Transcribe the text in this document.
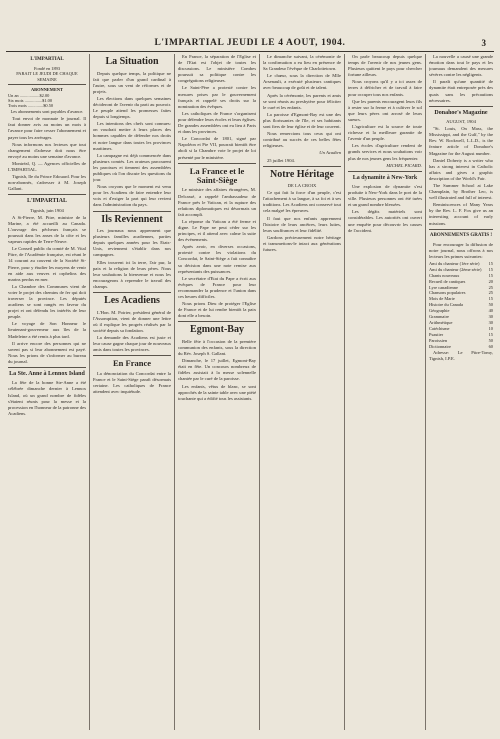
L'IMPARTIAL JEUDI LE 4 AOUT, 1904.	3
L'IMPARTIAL
Fondé en 1893
PARAIT LE JEUDI DE CHAQUE SEMAINE
ABONNEMENT
Un an ..................$2.00
Six mois ................$1.00
Trois mois ..............$0.50
Les abonnements sont payables d'avance.
Tout envoi de monnaie le journal. Il faut donner avis au moins un mois à l'avance pour faire cesser l'abonnement et payer tous les arrérages.
Nous informons nos lecteurs que tout changement d'adresse doit nous être envoyé au moins une semaine d'avance.
Montréal, Q. — Agences officielles de L'IMPARTIAL.
Tignish, Ile du Prince Edouard. Pour les non-abonnés, s'adresser à M. Joseph Gallant.
L'IMPARTIAL
Tignish, juin 1904
A St-Pierre, M. Pitre, ministre de la Marine, a été accueilli au Canada. L'ouvrage des pêcheurs français se poursuit dans les anses de la côte et les vapeurs rapides de Terre-Neuve.
Le Conseil public du comté de M. Vital Pitre, de l'Académie française, est réuni le 14 courant au couvent de la Société St-Pierre, pour y étudier les moyens de venir en aide aux veuves et orphelins des marins perdus en mer.
La Chambre des Communes vient de voter le projet des chemins de fer qui doit traverser la province. Les députés acadiens se sont rangés en faveur du projet et ont défendu les intérêts de leur peuple.
Le voyage de Son Honneur le lieutenant-gouverneur aux îles de la Madeleine a été remis à plus tard.
Il arrive encore des personnes qui ne savent pas si leur abonnement est payé. Nous les prions de s'informer au bureau du journal.
La Ste. Anne à Lennox Island
La fête de la bonne Ste-Anne a été célébrée dimanche dernier à Lennox Island, où un grand nombre de fidèles s'étaient réunis pour la messe et la procession en l'honneur de la patronne des Acadiens.
La Situation
Depuis quelque temps, la politique ne fait que parler d'un grand cardinal à l'autre, sous un vent de réformes et de projets.
Les élections dans quelques semaines décideront de l'avenir du parti au pouvoir. Le peuple attend les promesses faites depuis si longtemps.
Les intentions des chefs sont connues: on voudrait mettre à leurs places des hommes capables de défendre nos droits et notre langue dans toutes les provinces maritimes.
La campagne est déjà commencée dans plusieurs comtés. Les orateurs parcourent les paroisses et tiennent des assemblées publiques où l'on discute les questions du jour.
Nous croyons que le moment est venu pour les Acadiens de faire entendre leur voix et d'exiger la part qui leur revient dans l'administration du pays.
Ils Reviennent
Les journaux nous apprennent que plusieurs familles acadiennes, parties depuis quelques années pour les Etats-Unis, reviennent s'établir dans nos campagnes.
Elles trouvent ici la terre, l'air pur, la paix et la religion de leurs pères. Nous leur souhaitons la bienvenue et nous les encourageons à reprendre le travail des champs.
Les Acadiens
L'Hon. M. Poirier, président général de l'Assomption, vient de donner une lettre où il explique les progrès réalisés par la société depuis sa fondation.
La demande des Acadiens est juste et leur cause gagne chaque jour de nouveaux amis dans toutes les provinces.
En France
La dénonciation du Concordat entre la France et le Saint-Siège paraît désormais certaine. Les catholiques de France attendent avec inquiétude.
En France, la séparation de l'Eglise et de l'Etat est l'objet de toutes les discussions. Le ministère Combes poursuit sa politique contre les congrégations religieuses.
Le Saint-Père a protesté contre les mesures prises par le gouvernement français et rappelé ses droits sur la nomination des évêques.
Les catholiques de France s'organisent pour défendre leurs écoles et leurs églises. De grandes assemblées ont eu lieu à Paris et dans les provinces.
Le Concordat de 1801, signé par Napoléon et Pie VII, pourrait bientôt être aboli si la Chambre vote le projet de loi présenté par le ministère.
La France et le Saint-Siège
Le ministre des affaires étrangères, M. Delcassé, a rappelé l'ambassadeur de France près le Vatican, et la rupture des relations diplomatiques est désormais un fait accompli.
La réponse du Vatican a été ferme et digne. Le Pape ne peut céder sur les principes, et il attend avec calme la suite des événements.
Après avoir, en diverses occasions, protesté contre les violations du Concordat, le Saint-Siège a fait connaître sa décision dans une note remise aux représentants des puissances.
Le secrétaire d'Etat du Pape a écrit aux évêques de France pour leur recommander la prudence et l'union dans ces heures difficiles.
Nous prions Dieu de protéger l'Eglise de France et de lui rendre bientôt la paix dont elle a besoin.
Egmont-Bay
Belle fête à l'occasion de la première communion des enfants, sous la direction du Rév. Joseph S. Gallant.
Dimanche, le 17 juillet, Egmont-Bay était en fête. Un concours nombreux de fidèles assistait à la messe solennelle chantée par le curé de la paroisse.
Les enfants, vêtus de blanc, se sont approchés de la sainte table avec une piété touchante qui a édifié tous les assistants.
Le dimanche suivant, la cérémonie de la confirmation a eu lieu en présence de Sa Grandeur l'évêque de Charlottetown.
Le chœur, sous la direction de Mlle Arsenault, a exécuté plusieurs cantiques avec beaucoup de goût et de talent.
Après la cérémonie, les parents et amis se sont réunis au presbytère pour féliciter le curé et les enfants.
La paroisse d'Egmont-Bay est une des plus florissantes de l'île, et ses habitants sont fiers de leur église et de leur couvent.
Nous remercions tous ceux qui ont contribué au succès de ces belles fêtes religieuses.
Un Acadien
25 juillet 1904.
Notre Héritage
DE LA CROIX
Ce qui fait la force d'un peuple, c'est l'attachement à sa langue, à sa foi et à ses traditions. Les Acadiens ont conservé tout cela malgré les épreuves.
Il faut que nos enfants apprennent l'histoire de leurs ancêtres, leurs luttes, leurs souffrances et leur fidélité.
Gardons précieusement notre héritage et transmettons-le intact aux générations futures.
On parle beaucoup depuis quelque temps de l'avenir de nos jeunes gens. Plusieurs quittent le pays pour chercher fortune ailleurs.
Nous croyons qu'il y a ici assez de terres à défricher et de travail à faire pour occuper tous nos enfants.
Que les parents encouragent leurs fils à rester sur la ferme et à cultiver le sol que leurs pères ont arrosé de leurs sueurs.
L'agriculture est la source de toute richesse et la meilleure garantie de l'avenir d'un peuple.
Les écoles d'agriculture rendent de grands services et nous souhaitons voir plus de nos jeunes gens les fréquenter.
MICHEL PICARD.
La dynamite à New-York
Une explosion de dynamite s'est produite à New-York dans le port de la ville. Plusieurs personnes ont été tuées et un grand nombre blessées.
Les dégâts matériels sont considérables. Les autorités ont ouvert une enquête pour découvrir les causes de l'accident.
La nouvelle a causé une grande émotion dans tout le pays et les journaux demandent des mesures sévères contre les négligents.
Il paraît qu'une quantité de dynamite était entreposée près des quais sans les précautions nécessaires.
Donahoe's Magazine
AUGUST, 1904
"St. Louis, On Mass, the Mississippi, and the Gulf," by the Rev. W. Rockwell, L.L.D., is the feature article of Donahoe's Magazine for the August number.
Daniel Doherty is a writer who has a strong interest in Catholic affairs and gives a graphic description of the World's Fair.
The Summer School at Lake Champlain, by Brother Leo, is well illustrated and full of interest.
Reminiscences of Many Years by the Rev. L. F. Fox give us an interesting account of early missions.
ABONNEMENTS GRATIS !
Pour encourager la diffusion de notre journal, nous offrons à nos lecteurs les primes suivantes:
15
Ami du chanteur (1ère série)
15
Ami du chanteur (2ème série)
15
Chants nouveaux
20
Recueil de cantiques
25
Lyre canadienne
25
Chansons populaires
15
Mois de Marie
50
Histoire du Canada
40
Géographie
30
Grammaire
30
Arithmétique
10
Catéchisme
15
Psautier
50
Paroissien
60
Dictionnaire
Adresse: Le Pitre-Tomy, Tignish, I.P.E.
